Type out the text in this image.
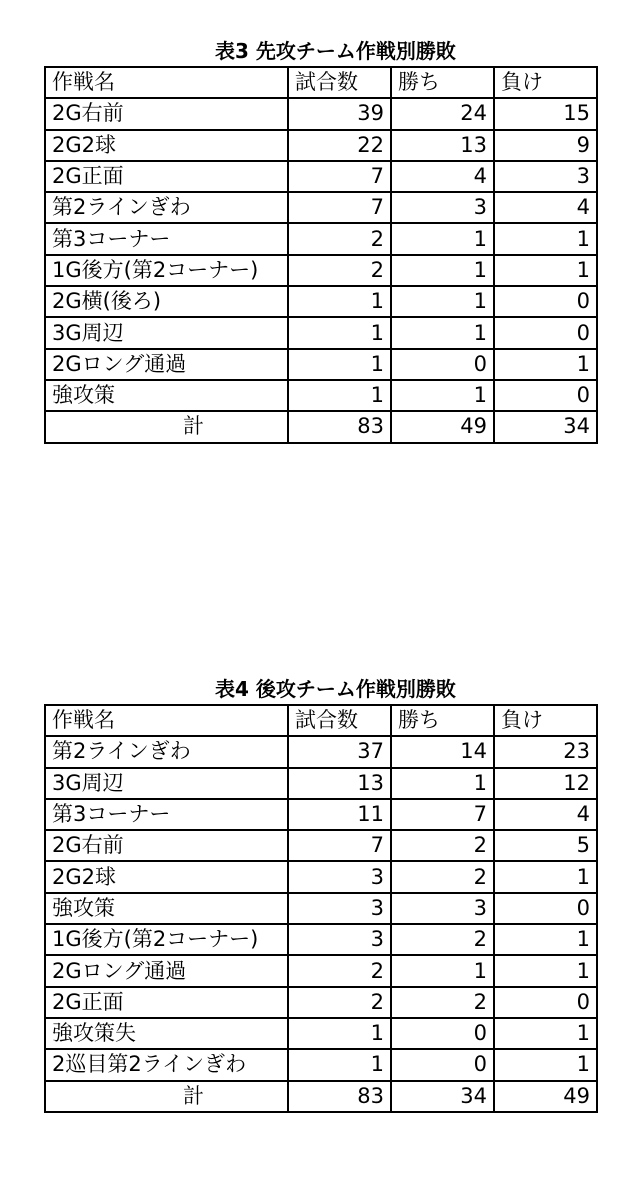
表3 先攻チーム作戦別勝敗
作戦名	試合数	勝ち	負け
2G右前	39	24	15
2G2球	22	13	9
2G正面	7	4	3
第2ラインぎわ	7	3	4
第3コーナー	2	1	1
1G後方(第2コーナー)	2	1	1
2G横(後ろ)	1	1	0
3G周辺	1	1	0
2Gロング通過	1	0	1
強攻策	1	1	0
計	83	49	34
表4 後攻チーム作戦別勝敗
作戦名	試合数	勝ち	負け
第2ラインぎわ	37	14	23
3G周辺	13	1	12
第3コーナー	11	7	4
2G右前	7	2	5
2G2球	3	2	1
強攻策	3	3	0
1G後方(第2コーナー)	3	2	1
2Gロング通過	2	1	1
2G正面	2	2	0
強攻策失	1	0	1
2巡目第2ラインぎわ	1	0	1
計	83	34	49
